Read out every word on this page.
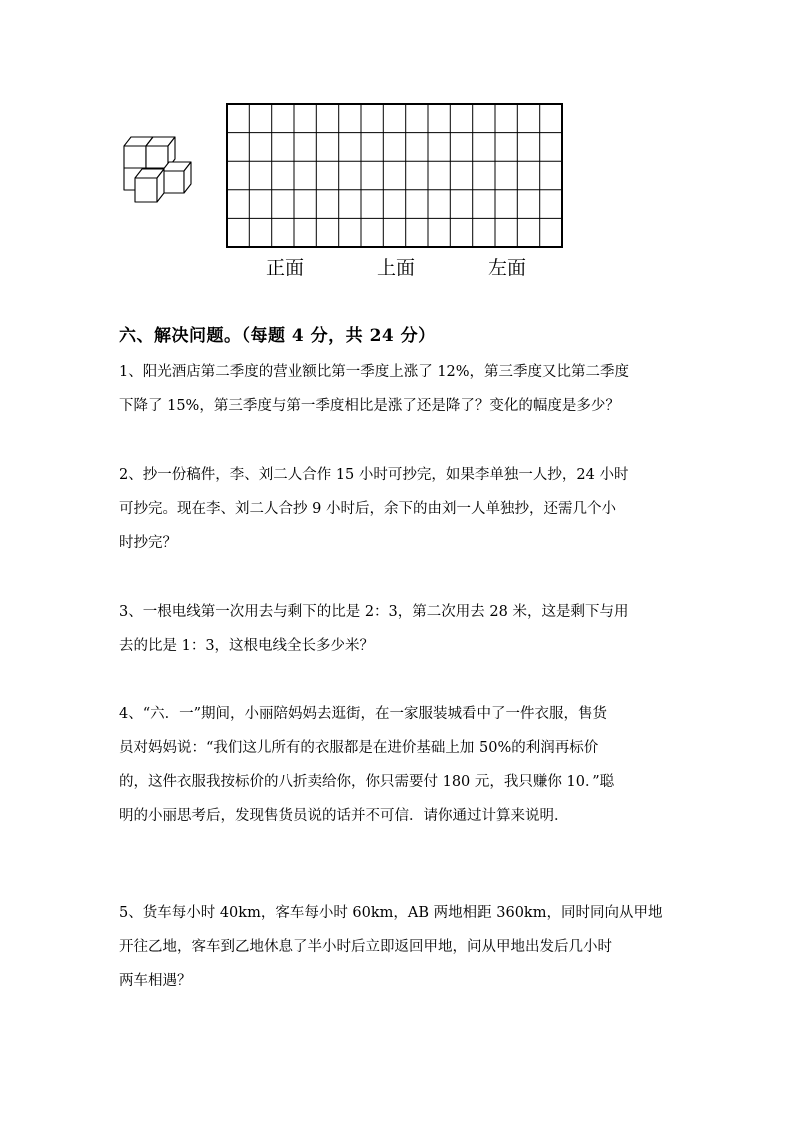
正面	上面	左面
六、解决问题。（每题 4 分，共 24 分）

1、阳光酒店第二季度的营业额比第一季度上涨了 12%，第三季度又比第二季度

下降了 15%，第三季度与第一季度相比是涨了还是降了？变化的幅度是多少？

2、抄一份稿件，李、刘二人合作 15 小时可抄完，如果李单独一人抄，24 小时

可抄完。现在李、刘二人合抄 9 小时后，余下的由刘一人单独抄，还需几个小

时抄完？

3、一根电线第一次用去与剩下的比是 2：3，第二次用去 28 米，这是剩下与用

去的比是 1：3，这根电线全长多少米？

4、“六．一”期间，小丽陪妈妈去逛街，在一家服装城看中了一件衣服，售货

员对妈妈说：“我们这儿所有的衣服都是在进价基础上加 50%的利润再标价

的，这件衣服我按标价的八折卖给你，你只需要付 180 元，我只赚你 10．”聪

明的小丽思考后，发现售货员说的话并不可信．请你通过计算来说明．

5、货车每小时 40km，客车每小时 60km，AB 两地相距 360km，同时同向从甲地

开往乙地，客车到乙地休息了半小时后立即返回甲地，问从甲地出发后几小时

两车相遇？
